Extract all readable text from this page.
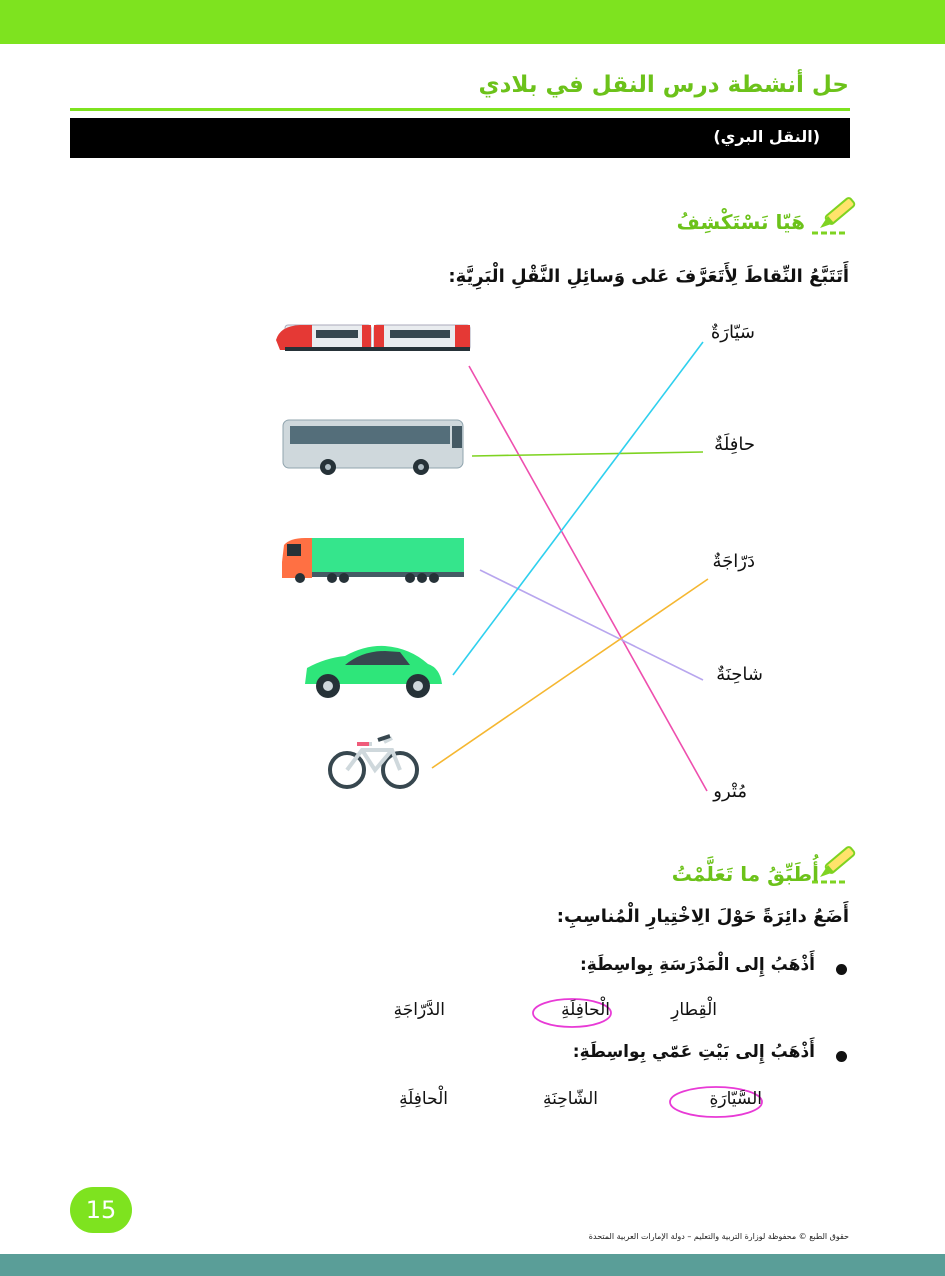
حل أنشطة درس النقل في بلادي
(النقل البري)
هَيّا نَسْتَكْشِفُ
أَتَتَبَّعُ النِّقاطَ لِأَتَعَرَّفَ عَلى وَسائِلِ النَّقْلِ الْبَرِيَّةِ:
سَيّارَةٌ
حافِلَةٌ
دَرّاجَةٌ
شاحِنَةٌ
مُتْرو
أُطَبِّقُ ما تَعَلَّمْتُ
أَضَعُ دائِرَةً حَوْلَ الِاخْتِيارِ الْمُناسِبِ:
أَذْهَبُ إِلى الْمَدْرَسَةِ بِواسِطَةِ:
الْقِطارِ
الْحافِلَةِ
الدَّرّاجَةِ
أَذْهَبُ إِلى بَيْتِ عَمّي بِواسِطَةِ:
السَّيّارَةِ
الشّاحِنَةِ
الْحافِلَةِ
15
حقوق الطبع © محفوظة لوزارة التربية والتعليم – دولة الإمارات العربية المتحدة
